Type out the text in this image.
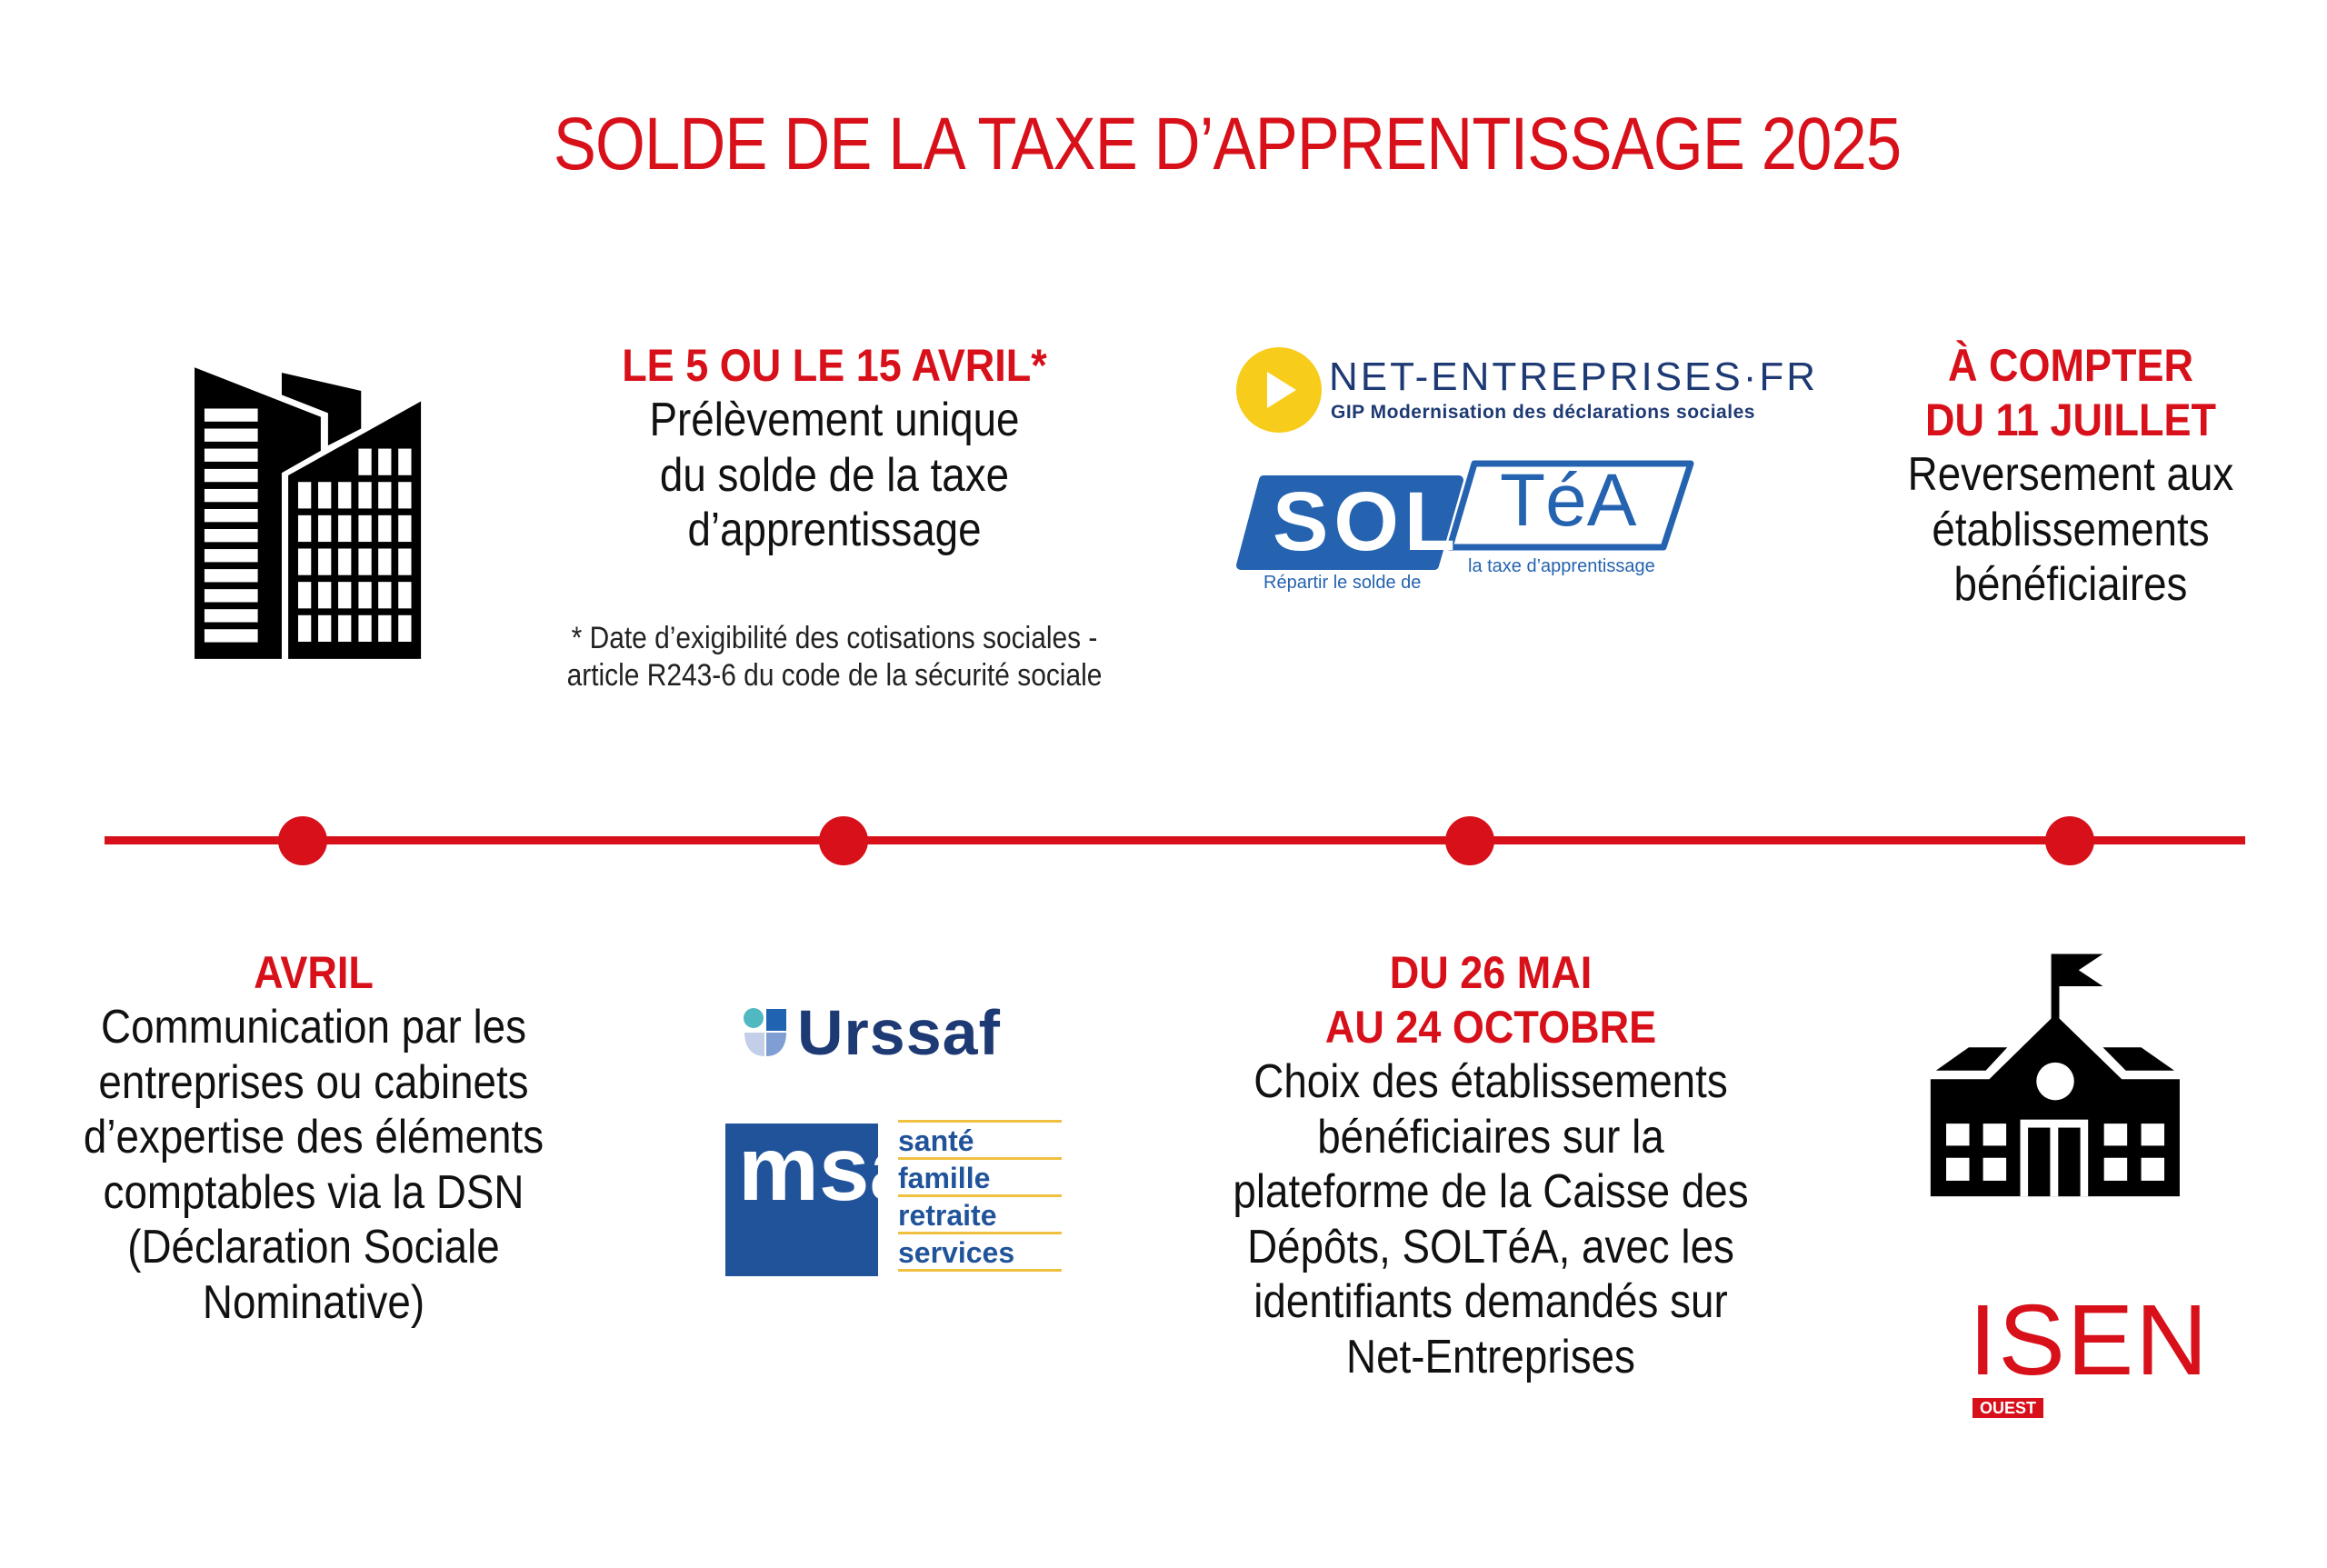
SOLDE DE LA TAXE D’APPRENTISSAGE 2025
LE 5 OU LE 15 AVRIL*
Prélèvement unique
du solde de la taxe
d’apprentissage
* Date d’exigibilité des cotisations sociales -
article R243-6 du code de la sécurité sociale
NET-ENTREPRISES·FR
GIP Modernisation des déclarations sociales
SOL TéA
Répartir le solde de
la taxe d’apprentissage
À COMPTER
DU 11 JUILLET
Reversement aux
établissements
bénéficiaires
AVRIL
Communication par les
entreprises ou cabinets
d’expertise des éléments
comptables via la DSN
(Déclaration Sociale
Nominative)
Urssaf
msa
santé
famille
retraite
services
DU 26 MAI
AU 24 OCTOBRE
Choix des établissements
bénéficiaires sur la
plateforme de la Caisse des
Dépôts, SOLTéA, avec les
identifiants demandés sur
Net-Entreprises	ISEN
OUEST
